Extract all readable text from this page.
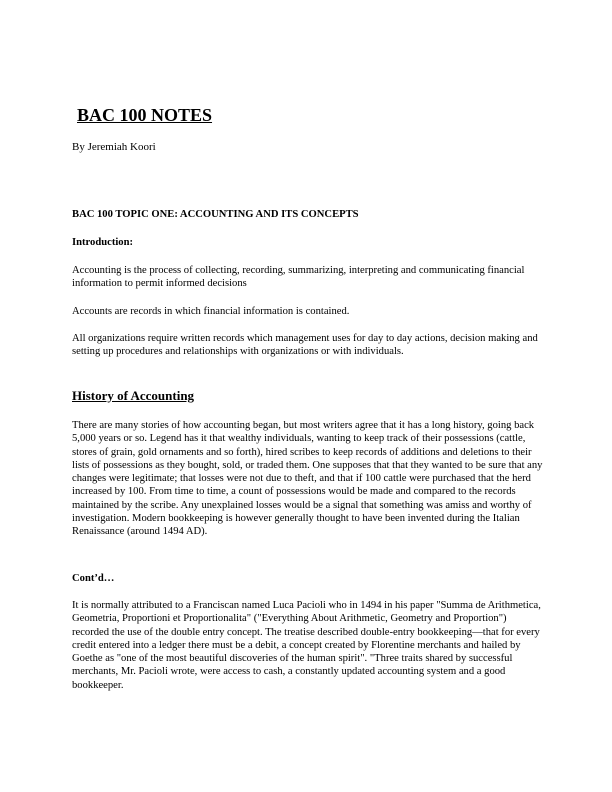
BAC 100 NOTES
By Jeremiah Koori
BAC 100 TOPIC ONE: ACCOUNTING AND ITS CONCEPTS
Introduction:

Accounting is the process of collecting, recording, summarizing, interpreting and communicating financial information to permit informed decisions

Accounts are records in which financial information is contained.

All organizations require written records which management uses for day to day actions, decision making and setting up procedures and relationships with organizations or with individuals.

History of Accounting

There are many stories of how accounting began, but most writers agree that it has a long history, going back 5,000 years or so. Legend has it that wealthy individuals, wanting to keep track of their possessions (cattle, stores of grain, gold ornaments and so forth), hired scribes to keep records of additions and deletions to their lists of possessions as they bought, sold, or traded them. One supposes that that they wanted to be sure that any changes were legitimate; that losses were not due to theft, and that if 100 cattle were purchased that the herd increased by 100. From time to time, a count of possessions would be made and compared to the records maintained by the scribe. Any unexplained losses would be a signal that something was amiss and worthy of investigation. Modern bookkeeping is however generally thought to have been invented during the Italian Renaissance (around 1494 AD).

Cont’d…

It is normally attributed to a Franciscan named Luca Pacioli who in 1494 in his paper "Summa de Arithmetica, Geometria, Proportioni et Proportionalita" ("Everything About Arithmetic, Geometry and Proportion") recorded the use of the double entry concept. The treatise described double-entry bookkeeping—that for every credit entered into a ledger there must be a debit, a concept created by Florentine merchants and hailed by Goethe as "one of the most beautiful discoveries of the human spirit". "Three traits shared by successful merchants, Mr. Pacioli wrote, were access to cash, a constantly updated accounting system and a good bookkeeper.
